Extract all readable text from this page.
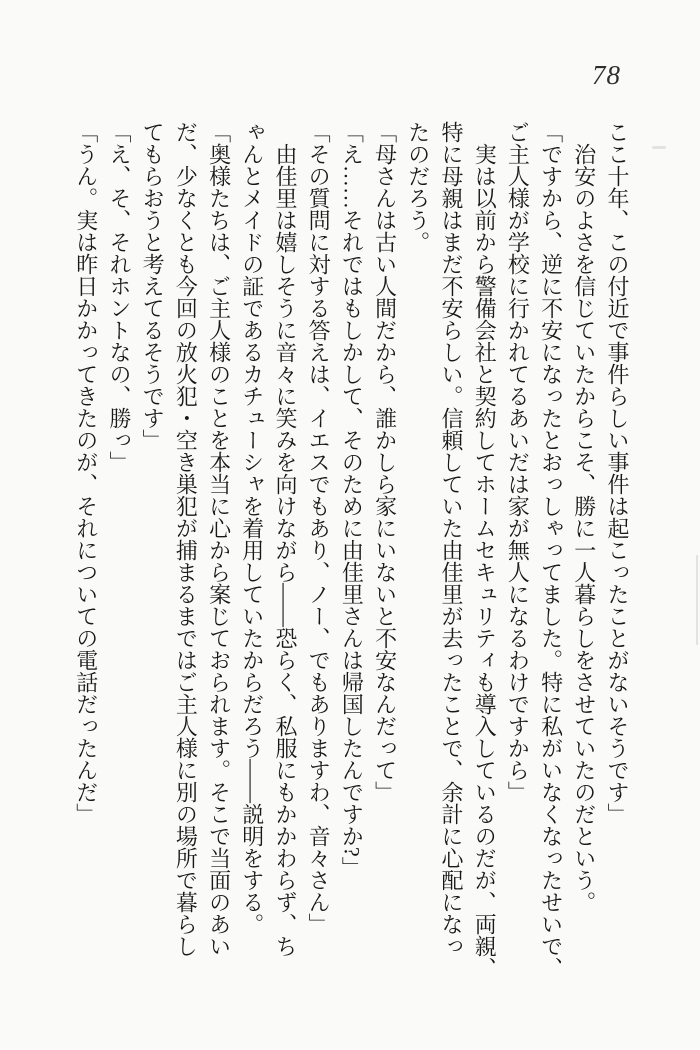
78

ここ十年、この付近で事件らしい事件は起こったことがないそうです」

治安のよさを信じていたからこそ、勝に一人暮らしをさせていたのだという。

「ですから、逆に不安になったとおっしゃってました。特に私がいなくなったせいで、

ご主人様が学校に行かれてるあいだは家が無人になるわけですから」

実は以前から警備会社と契約してホームセキュリティも導入しているのだが、両親、

特に母親はまだ不安らしい。信頼していた由佳里が去ったことで、余計に心配になっ

たのだろう。

「母さんは古い人間だから、誰かしら家にいないと不安なんだって」

「え……それではもしかして、そのために由佳里さんは帰国したんですか?」

「その質問に対する答えは、イエスでもあり、ノー、でもありますわ、音々さん」

由佳里は嬉しそうに音々に笑みを向けながら――恐らく、私服にもかかわらず、ち

ゃんとメイドの証であるカチューシャを着用していたからだろう――説明をする。

「奥様たちは、ご主人様のことを本当に心から案じておられます。そこで当面のあい

だ、少なくとも今回の放火犯・空き巣犯が捕まるまではご主人様に別の場所で暮らし

てもらおうと考えてるそうです」

「え、そ、それホントなの、勝っ」

「うん。実は昨日かかってきたのが、それについての電話だったんだ」
